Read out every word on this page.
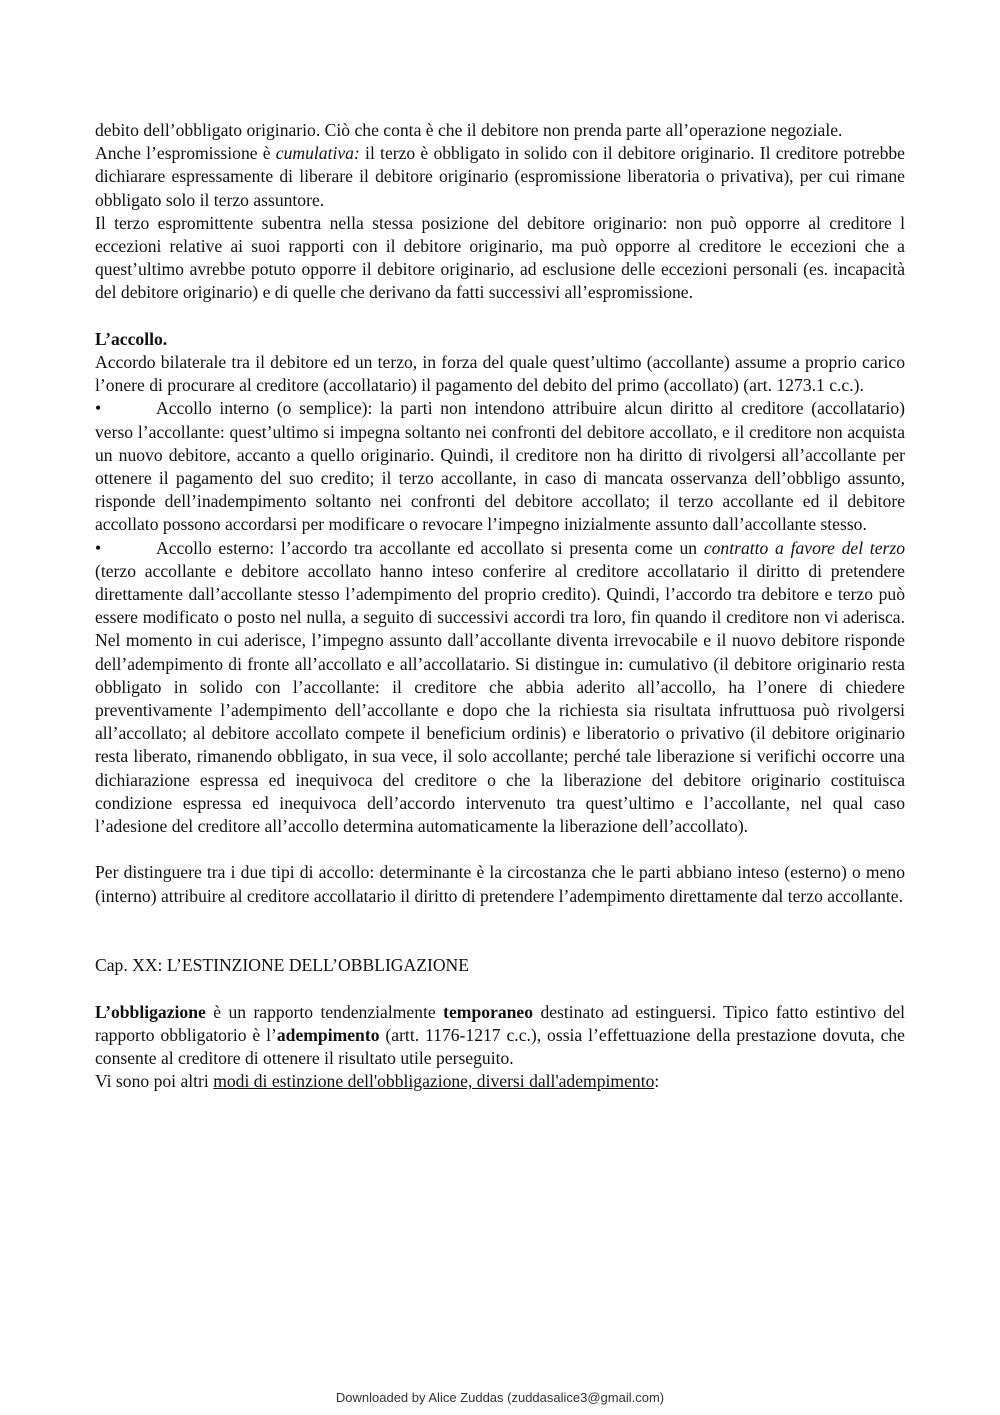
debito dell’obbligato originario. Ciò che conta è che il debitore non prenda parte all’operazione negoziale.

Anche l’espromissione è cumulativa: il terzo è obbligato in solido con il debitore originario. Il creditore potrebbe dichiarare espressamente di liberare il debitore originario (espromissione liberatoria o privativa), per cui rimane obbligato solo il terzo assuntore.

Il terzo espromittente subentra nella stessa posizione del debitore originario: non può opporre al creditore l eccezioni relative ai suoi rapporti con il debitore originario, ma può opporre al creditore le eccezioni che a quest’ultimo avrebbe potuto opporre il debitore originario, ad esclusione delle eccezioni personali (es. incapacità del debitore originario) e di quelle che derivano da fatti successivi all’espromissione.

L’accollo.

Accordo bilaterale tra il debitore ed un terzo, in forza del quale quest’ultimo (accollante) assume a proprio carico l’onere di procurare al creditore (accollatario) il pagamento del debito del primo (accollato) (art. 1273.1 c.c.).

•	Accollo interno (o semplice): la parti non intendono attribuire alcun diritto al creditore (accollatario) verso l’accollante: quest’ultimo si impegna soltanto nei confronti del debitore accollato, e il creditore non acquista un nuovo debitore, accanto a quello originario. Quindi, il creditore non ha diritto di rivolgersi all’accollante per ottenere il pagamento del suo credito; il terzo accollante, in caso di mancata osservanza dell’obbligo assunto, risponde dell’inadempimento soltanto nei confronti del debitore accollato; il terzo accollante ed il debitore accollato possono accordarsi per modificare o revocare l’impegno inizialmente assunto dall’accollante stesso.

•	Accollo esterno: l’accordo tra accollante ed accollato si presenta come un contratto a favore del terzo (terzo accollante e debitore accollato hanno inteso conferire al creditore accollatario il diritto di pretendere direttamente dall’accollante stesso l’adempimento del proprio credito). Quindi, l’accordo tra debitore e terzo può essere modificato o posto nel nulla, a seguito di successivi accordi tra loro, fin quando il creditore non vi aderisca. Nel momento in cui aderisce, l’impegno assunto dall’accollante diventa irrevocabile e il nuovo debitore risponde dell’adempimento di fronte all’accollato e all’accollatario. Si distingue in: cumulativo (il debitore originario resta obbligato in solido con l’accollante: il creditore che abbia aderito all’accollo, ha l’onere di chiedere preventivamente l’adempimento dell’accollante e dopo che la richiesta sia risultata infruttuosa può rivolgersi all’accollato; al debitore accollato compete il beneficium ordinis) e liberatorio o privativo (il debitore originario resta liberato, rimanendo obbligato, in sua vece, il solo accollante; perché tale liberazione si verifichi occorre una dichiarazione espressa ed inequivoca del creditore o che la liberazione del debitore originario costituisca condizione espressa ed inequivoca dell’accordo intervenuto tra quest’ultimo e l’accollante, nel qual caso l’adesione del creditore all’accollo determina automaticamente la liberazione dell’accollato).

Per distinguere tra i due tipi di accollo: determinante è la circostanza che le parti abbiano inteso (esterno) o meno (interno) attribuire al creditore accollatario il diritto di pretendere l’adempimento direttamente dal terzo accollante.

Cap. XX: L’ESTINZIONE DELL’OBBLIGAZIONE

L’obbligazione è un rapporto tendenzialmente temporaneo destinato ad estinguersi. Tipico fatto estintivo del rapporto obbligatorio è l’adempimento (artt. 1176-1217 c.c.), ossia l’effettuazione della prestazione dovuta, che consente al creditore di ottenere il risultato utile perseguito.

Vi sono poi altri modi di estinzione dell'obbligazione, diversi dall'adempimento:

Downloaded by Alice Zuddas (zuddasalice3@gmail.com)
